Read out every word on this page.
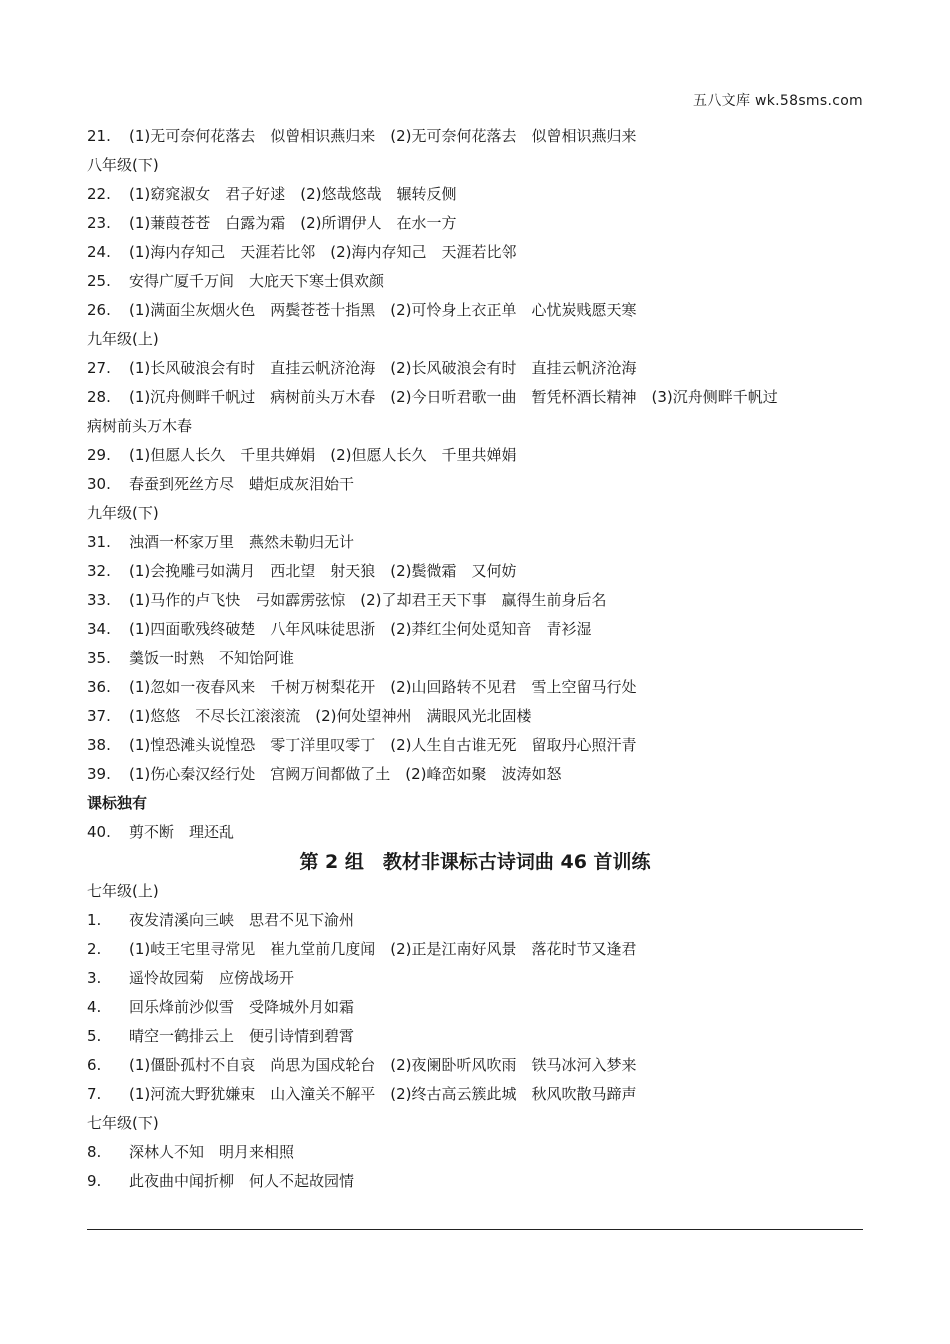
五八文库 wk.58sms.com
21.	(1)无可奈何花落去　似曾相识燕归来　(2)无可奈何花落去　似曾相识燕归来
八年级(下)
22.	(1)窈窕淑女　君子好逑　(2)悠哉悠哉　辗转反侧
23.	(1)蒹葭苍苍　白露为霜　(2)所谓伊人　在水一方
24.	(1)海内存知己　天涯若比邻　(2)海内存知己　天涯若比邻
25.	安得广厦千万间　大庇天下寒士俱欢颜
26.	(1)满面尘灰烟火色　两鬓苍苍十指黑　(2)可怜身上衣正单　心忧炭贱愿天寒
九年级(上)
27.	(1)长风破浪会有时　直挂云帆济沧海　(2)长风破浪会有时　直挂云帆济沧海
28.	(1)沉舟侧畔千帆过　病树前头万木春　(2)今日听君歌一曲　暂凭杯酒长精神　(3)沉舟侧畔千帆过
病树前头万木春
29.	(1)但愿人长久　千里共婵娟　(2)但愿人长久　千里共婵娟
30.	春蚕到死丝方尽　蜡炬成灰泪始干
九年级(下)
31.	浊酒一杯家万里　燕然未勒归无计
32.	(1)会挽雕弓如满月　西北望　射天狼　(2)鬓微霜　又何妨
33.	(1)马作的卢飞快　弓如霹雳弦惊　(2)了却君王天下事　赢得生前身后名
34.	(1)四面歌残终破楚　八年风味徒思浙　(2)莽红尘何处觅知音　青衫湿
35.	羹饭一时熟　不知饴阿谁
36.	(1)忽如一夜春风来　千树万树梨花开　(2)山回路转不见君　雪上空留马行处
37.	(1)悠悠　不尽长江滚滚流　(2)何处望神州　满眼风光北固楼
38.	(1)惶恐滩头说惶恐　零丁洋里叹零丁　(2)人生自古谁无死　留取丹心照汗青
39.	(1)伤心秦汉经行处　宫阙万间都做了土　(2)峰峦如聚　波涛如怒
课标独有
40.	剪不断　理还乱
第 2 组　教材非课标古诗词曲 46 首训练
七年级(上)
1.	夜发清溪向三峡　思君不见下渝州
2.	(1)岐王宅里寻常见　崔九堂前几度闻　(2)正是江南好风景　落花时节又逢君
3.	遥怜故园菊　应傍战场开
4.	回乐烽前沙似雪　受降城外月如霜
5.	晴空一鹤排云上　便引诗情到碧霄
6.	(1)僵卧孤村不自哀　尚思为国戍轮台　(2)夜阑卧听风吹雨　铁马冰河入梦来
7.	(1)河流大野犹嫌束　山入潼关不解平　(2)终古高云簇此城　秋风吹散马蹄声
七年级(下)
8.	深林人不知　明月来相照
9.	此夜曲中闻折柳　何人不起故园情
